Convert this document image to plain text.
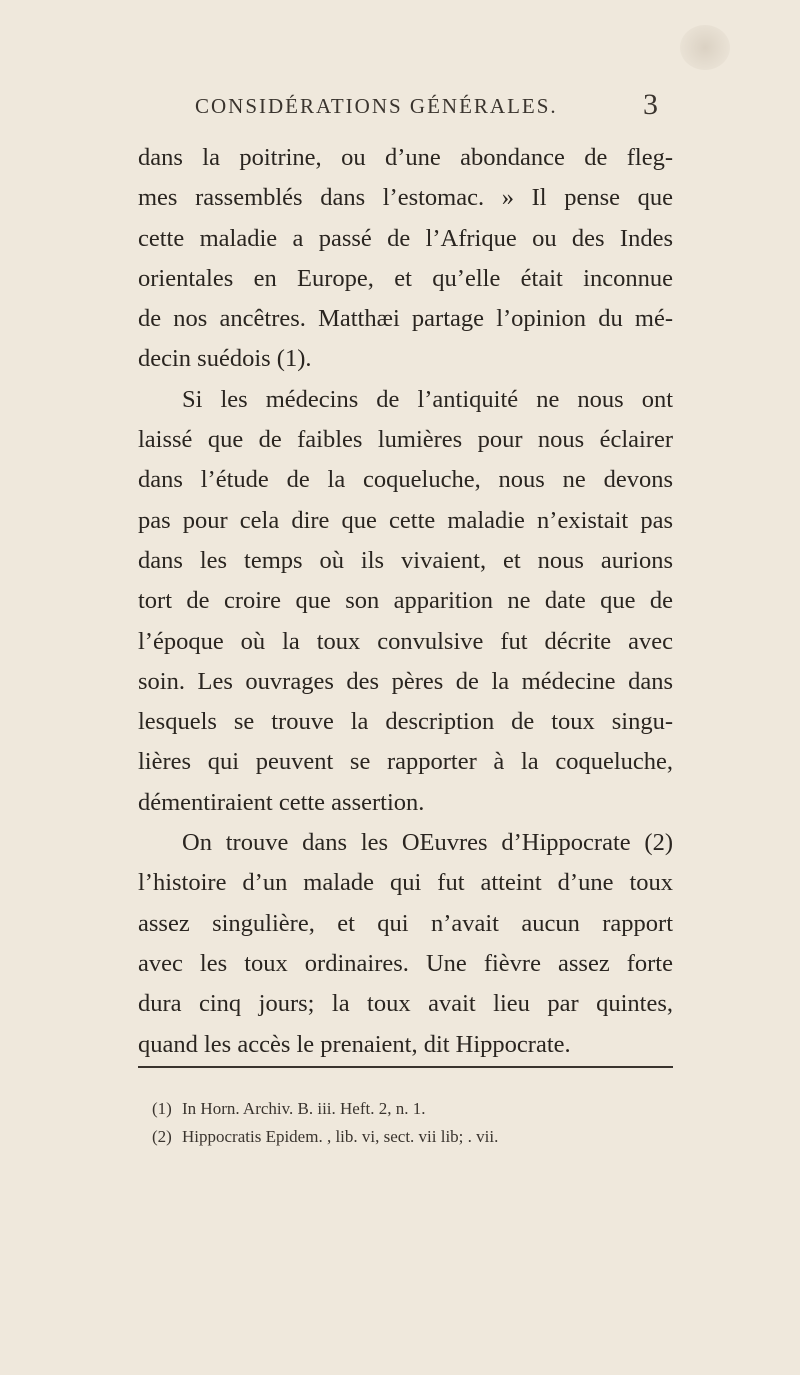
CONSIDÉRATIONS GÉNÉRALES.	3
dans la poitrine, ou d’une abondance de fleg-
mes rassemblés dans l’estomac. » Il pense que
cette maladie a passé de l’Afrique ou des Indes
orientales en Europe, et qu’elle était inconnue
de nos ancêtres. Matthæi partage l’opinion du mé-
decin suédois (1).
Si les médecins de l’antiquité ne nous ont
laissé que de faibles lumières pour nous éclairer
dans l’étude de la coqueluche, nous ne devons
pas pour cela dire que cette maladie n’existait pas
dans les temps où ils vivaient, et nous aurions
tort de croire que son apparition ne date que de
l’époque où la toux convulsive fut décrite avec
soin. Les ouvrages des pères de la médecine dans
lesquels se trouve la description de toux singu-
lières qui peuvent se rapporter à la coqueluche,
démentiraient cette assertion.
On trouve dans les OEuvres d’Hippocrate (2)
l’histoire d’un malade qui fut atteint d’une toux
assez singulière, et qui n’avait aucun rapport
avec les toux ordinaires. Une fièvre assez forte
dura cinq jours; la toux avait lieu par quintes,
quand les accès le prenaient, dit Hippocrate.
(1) In Horn. Archiv. B. iii. Heft. 2, n. 1.
(2) Hippocratis Epidem. , lib. vi, sect. vii lib; . vii.
